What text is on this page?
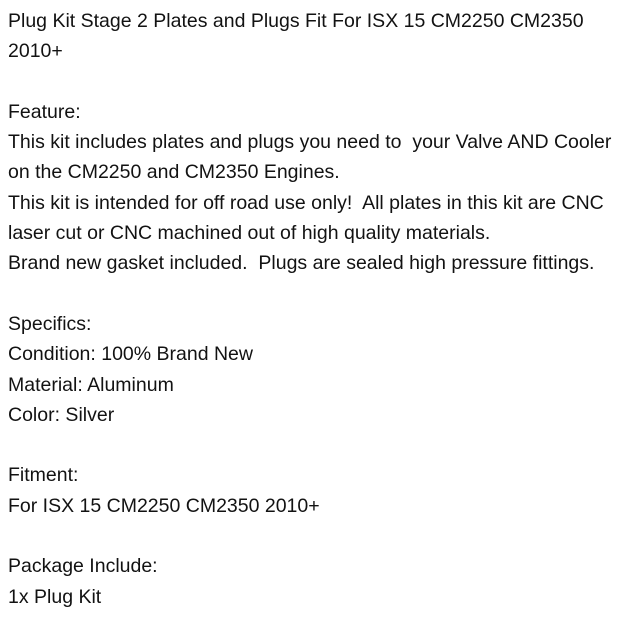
Plug Kit Stage 2 Plates and Plugs Fit For ISX 15 CM2250 CM2350
2010+
Feature:
This kit includes plates and plugs you need to  your Valve AND Cooler
on the CM2250 and CM2350 Engines.
This kit is intended for off road use only!  All plates in this kit are CNC
laser cut or CNC machined out of high quality materials.
Brand new gasket included.  Plugs are sealed high pressure fittings.
Specifics:
Condition: 100% Brand New
Material: Aluminum
Color: Silver
Fitment:
For ISX 15 CM2250 CM2350 2010+
Package Include:
1x Plug Kit
